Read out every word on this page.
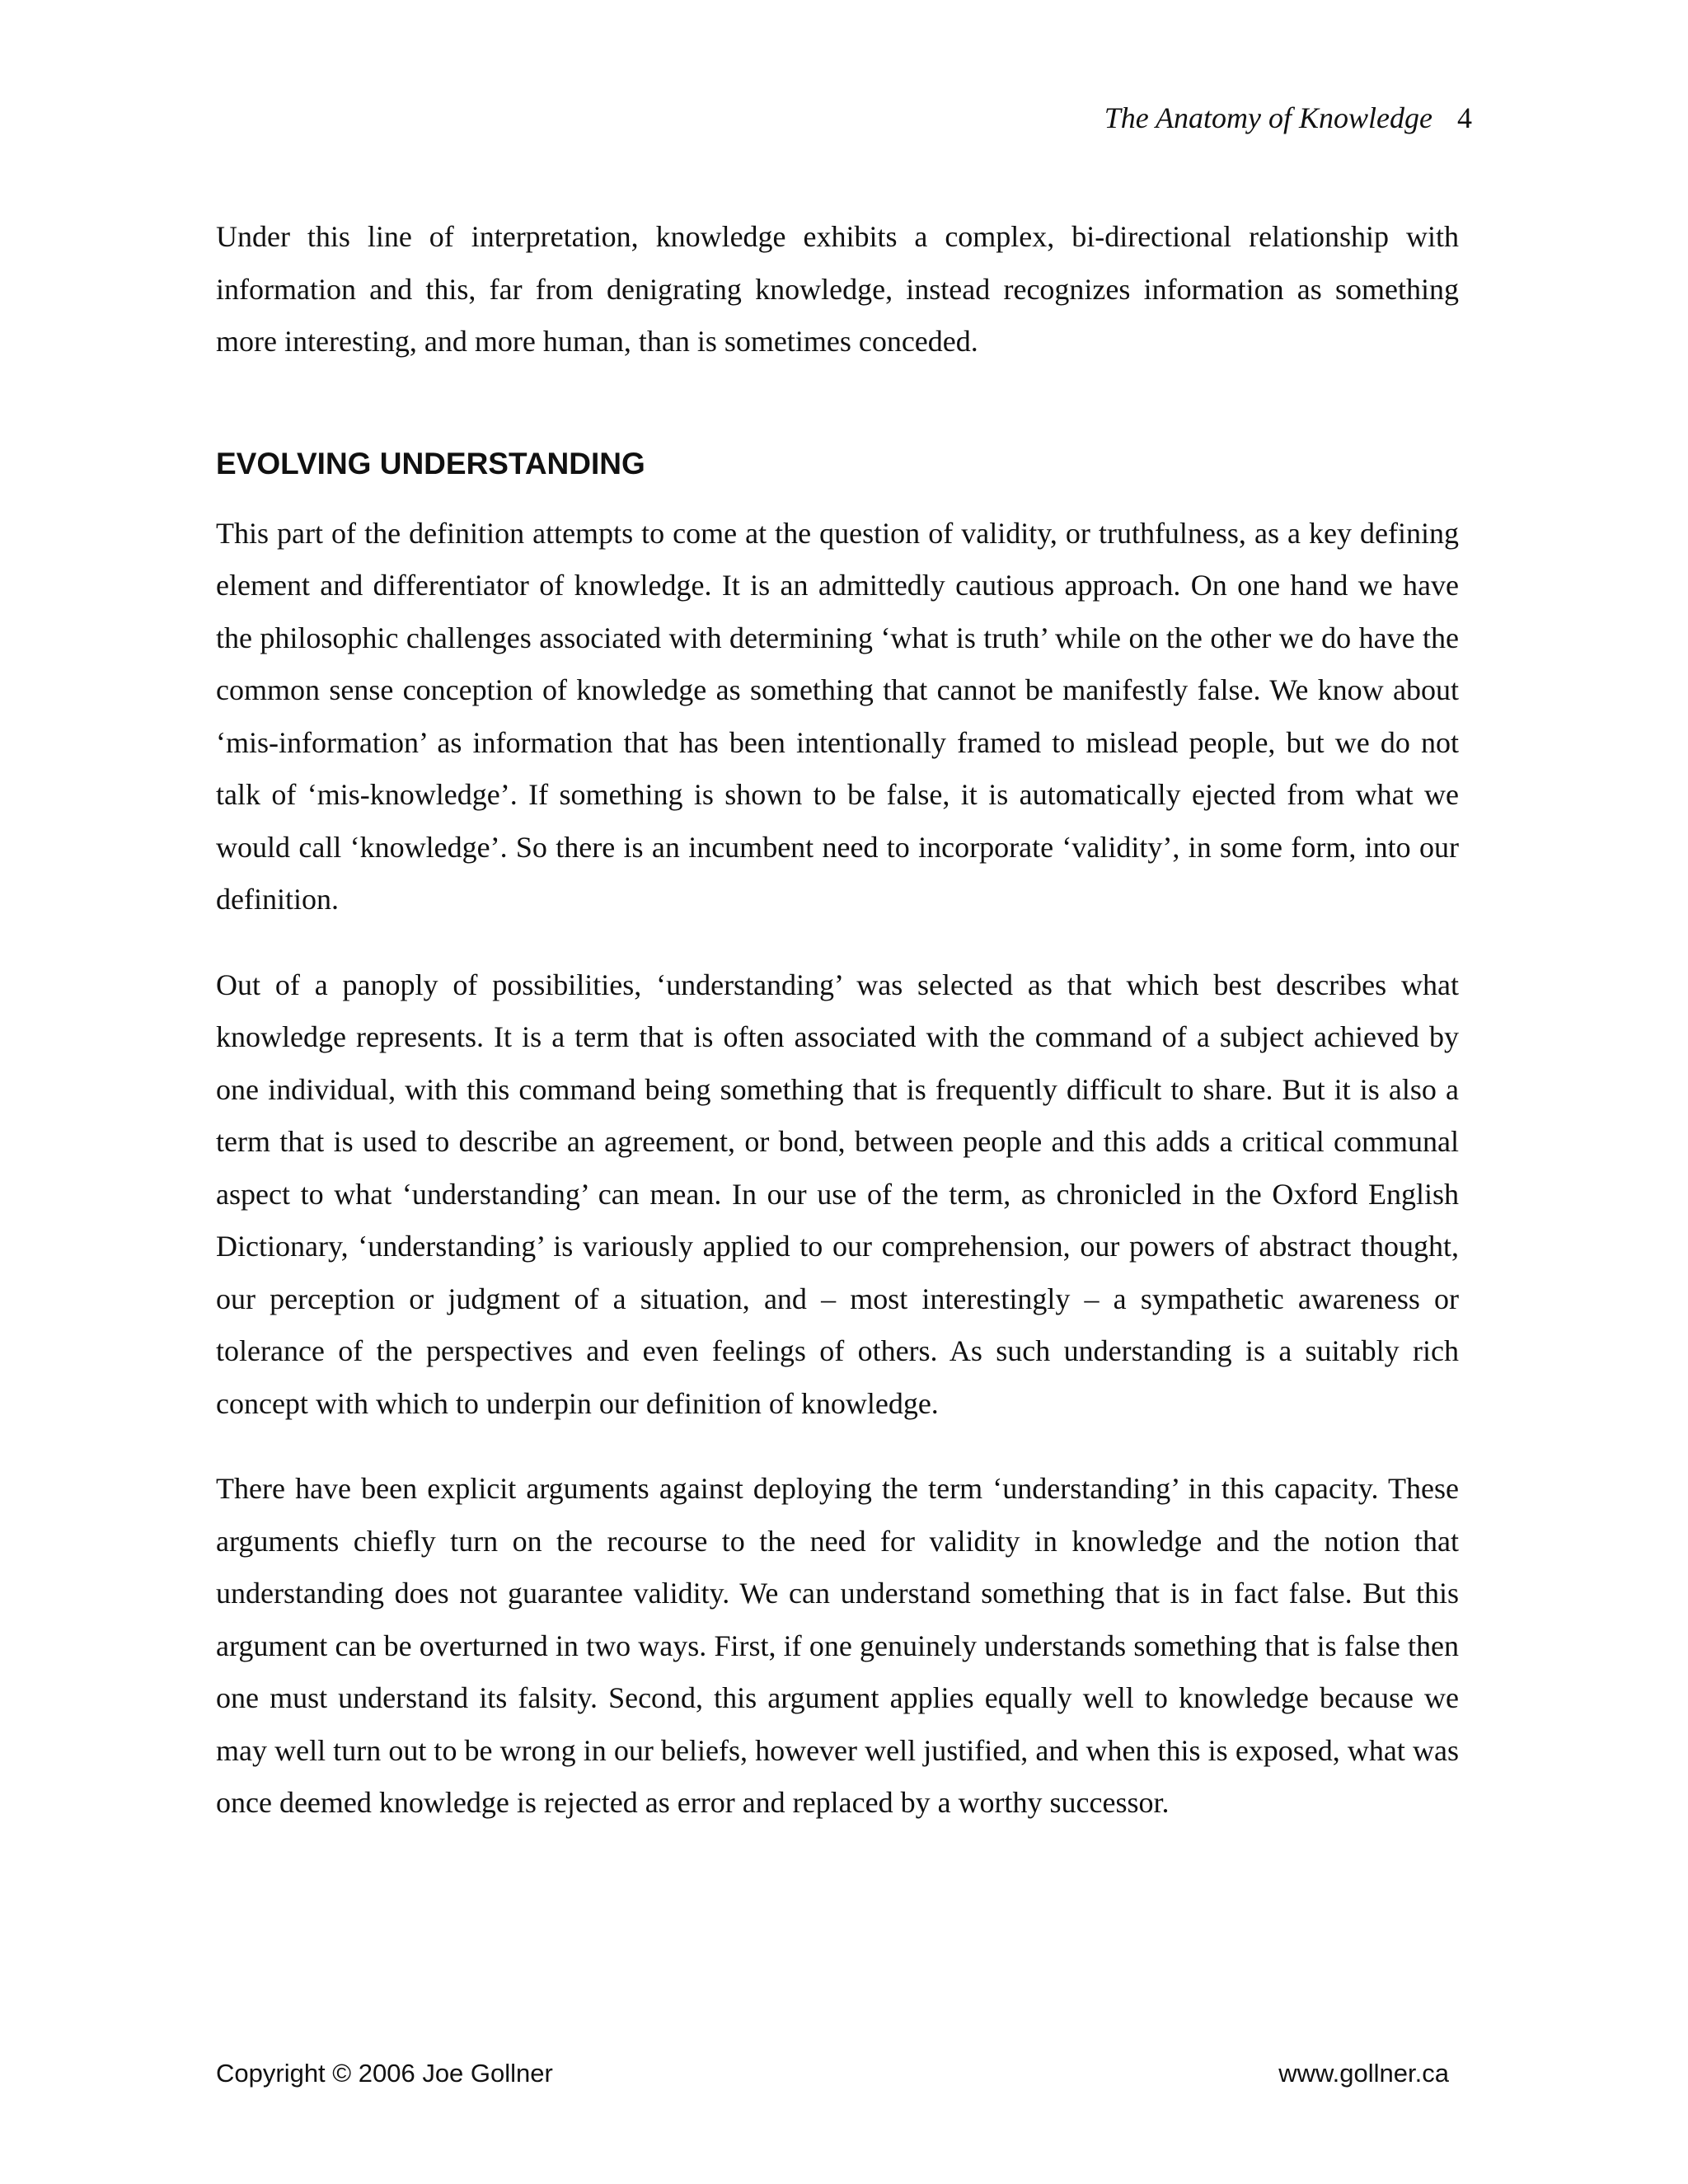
The Anatomy of Knowledge 4

Under this line of interpretation, knowledge exhibits a complex, bi-directional relationship with information and this, far from denigrating knowledge, instead recognizes information as something more interesting, and more human, than is sometimes conceded.

EVOLVING UNDERSTANDING

This part of the definition attempts to come at the question of validity, or truthfulness, as a key defining element and differentiator of knowledge. It is an admittedly cautious approach. On one hand we have the philosophic challenges associated with determining ‘what is truth’ while on the other we do have the common sense conception of knowledge as something that cannot be manifestly false. We know about ‘mis-information’ as information that has been intentionally framed to mislead people, but we do not talk of ‘mis-knowledge’. If something is shown to be false, it is automatically ejected from what we would call ‘knowledge’. So there is an incumbent need to incorporate ‘validity’, in some form, into our definition.

Out of a panoply of possibilities, ‘understanding’ was selected as that which best describes what knowledge represents. It is a term that is often associated with the command of a subject achieved by one individual, with this command being something that is frequently difficult to share. But it is also a term that is used to describe an agreement, or bond, between people and this adds a critical communal aspect to what ‘understanding’ can mean. In our use of the term, as chronicled in the Oxford English Dictionary, ‘understanding’ is variously applied to our comprehension, our powers of abstract thought, our perception or judgment of a situation, and – most interestingly – a sympathetic awareness or tolerance of the perspectives and even feelings of others. As such understanding is a suitably rich concept with which to underpin our definition of knowledge.

There have been explicit arguments against deploying the term ‘understanding’ in this capacity. These arguments chiefly turn on the recourse to the need for validity in knowledge and the notion that understanding does not guarantee validity. We can understand something that is in fact false. But this argument can be overturned in two ways. First, if one genuinely understands something that is false then one must understand its falsity. Second, this argument applies equally well to knowledge because we may well turn out to be wrong in our beliefs, however well justified, and when this is exposed, what was once deemed knowledge is rejected as error and replaced by a worthy successor.

Copyright © 2006 Joe Gollner	www.gollner.ca
